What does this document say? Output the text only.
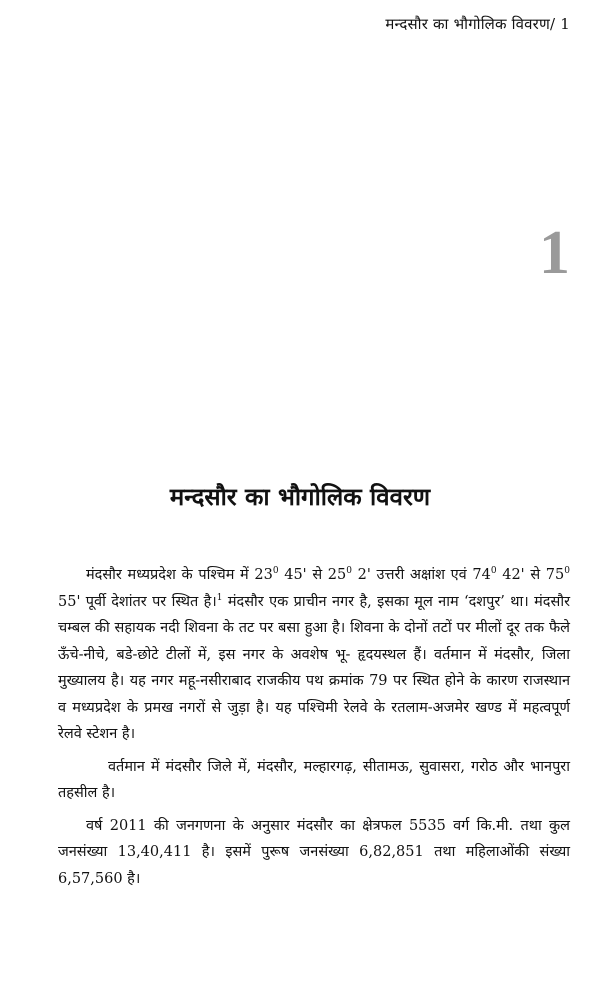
मन्दसौर का भौगोलिक विवरण/ 1
1
मन्दसौर का भौगोलिक विवरण

मंदसौर मध्यप्रदेश के पश्चिम में $23^0$ 45' से $25^0$ 2' उत्तरी अक्षांश एवं $74^0$ 42' से $75^0$ 55' पूर्वी देशांतर पर स्थित है।$^1$ मंदसौर एक प्राचीन नगर है, इसका मूल नाम ‘दशपुर’ था। मंदसौर चम्बल की सहायक नदी शिवना के तट पर बसा हुआ है। शिवना के दोनों तटों पर मीलों दूर तक फैले ऊँचे-नीचे, बडे-छोटे टीलों में, इस नगर के अवशेष भू- हृदयस्थल हैं। वर्तमान में मंदसौर, जिला मुख्यालय है। यह नगर महू-नसीराबाद राजकीय पथ क्रमांक 79 पर स्थित होने के कारण राजस्थान व मध्यप्रदेश के प्रमख नगरों से जुड़ा है। यह पश्चिमी रेलवे के रतलाम-अजमेर खण्ड में महत्वपूर्ण रेलवे स्टेशन है।

वर्तमान में मंदसौर जिले में, मंदसौर, मल्हारगढ़, सीतामऊ, सुवासरा, गरोठ और भानपुरा तहसील है।

वर्ष 2011 की जनगणना के अनुसार मंदसौर का क्षेत्रफल 5535 वर्ग कि.मी. तथा कुल जनसंख्या 13,40,411 है। इसमें पुरूष जनसंख्या 6,82,851 तथा महिलाओंकी संख्या 6,57,560 है।
